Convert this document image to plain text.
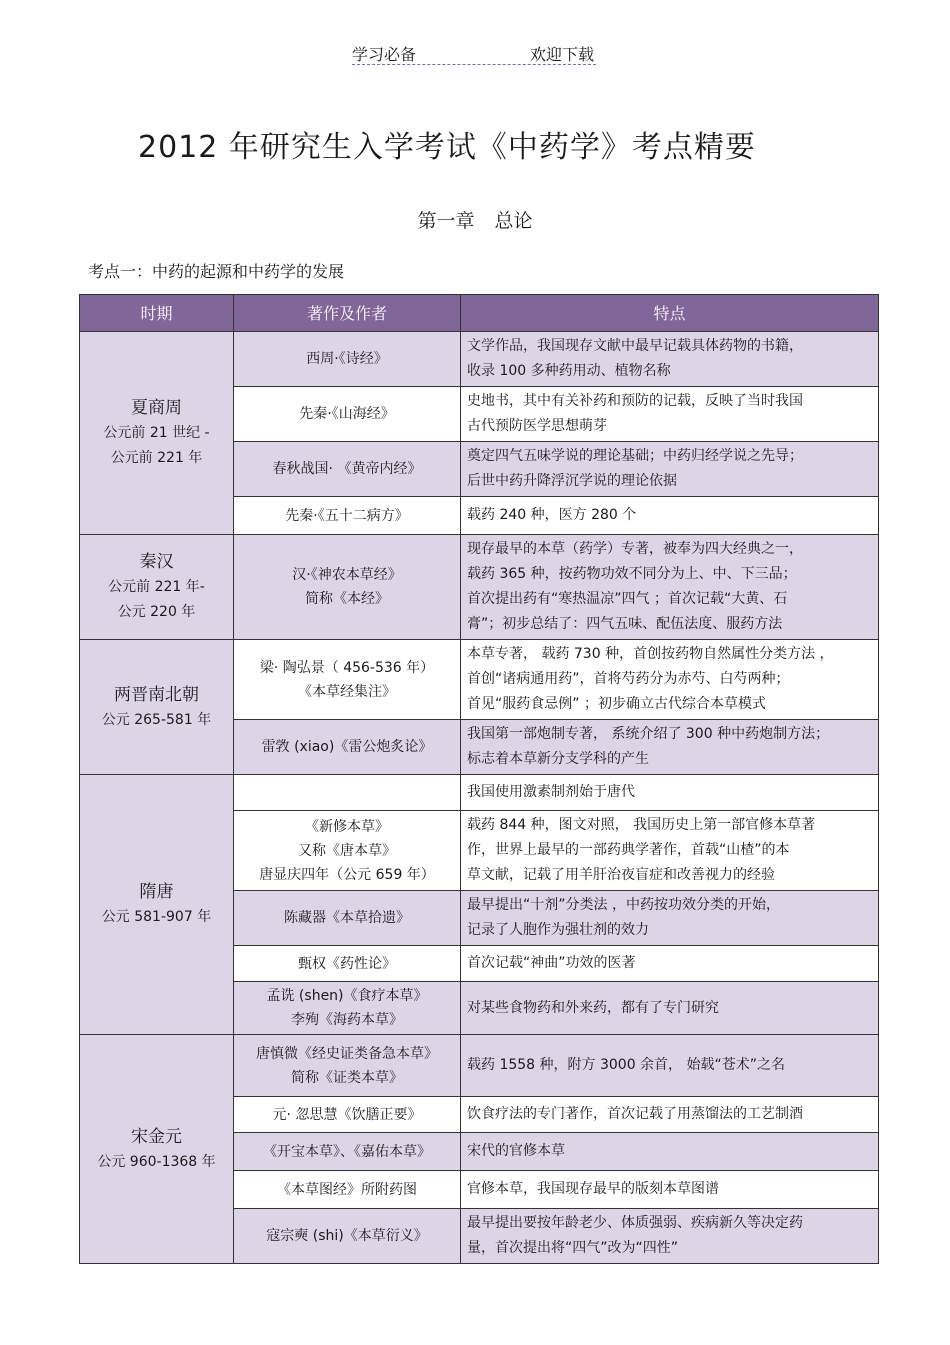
学习必备	欢迎下载
2012 年研究生入学考试《中药学》考点精要
第一章 总论
考点一：中药的起源和中药学的发展
时期	著作及作者	特点

夏商周
公元前 21 世纪 -
公元前 221 年	西周·《诗经》	文学作品，我国现存文献中最早记载具体药物的书籍，
收录 100 多种药用动、植物名称

	先秦·《山海经》	史地书，其中有关补药和预防的记载，反映了当时我国
古代预防医学思想萌芽

	春秋战国· 《黄帝内经》	奠定四气五味学说的理论基础；中药归经学说之先导；
后世中药升降浮沉学说的理论依据

	先秦·《五十二病方》	载药 240 种，医方 280 个

秦汉
公元前 221 年-
公元 220 年	汉·《神农本草经》
简称《本经》	现存最早的本草（药学）专著，被奉为四大经典之一，
载药 365 种，按药物功效不同分为上、中、下三品；
首次提出药有“寒热温凉”四气 ；首次记载“大黄、石
膏”；初步总结了：四气五味、配伍法度、服药方法

两晋南北朝
公元 265-581 年	梁· 陶弘景（ 456-536 年）
《本草经集注》	本草专著， 载药 730 种，首创按药物自然属性分类方法 ，
首创“诸病通用药”，首将芍药分为赤芍、白芍两种；
首见“服药食忌例” ；初步确立古代综合本草模式

	雷敩 (xiao)《雷公炮炙论》	我国第一部炮制专著， 系统介绍了 300 种中药炮制方法；
标志着本草新分支学科的产生

隋唐
公元 581-907 年		我国使用激素制剂始于唐代

	《新修本草》
又称《唐本草》
唐显庆四年（公元 659 年）	载药 844 种，图文对照， 我国历史上第一部官修本草著
作，世界上最早的一部药典学著作，首载“山楂”的本
草文献，记载了用羊肝治夜盲症和改善视力的经验

	陈藏器《本草拾遗》	最早提出“十剂”分类法 ，中药按功效分类的开始，
记录了人胞作为强壮剂的效力

	甄权《药性论》	首次记载“神曲”功效的医著

	孟诜 (shen)《食疗本草》
李殉《海药本草》	对某些食物药和外来药，都有了专门研究

宋金元
公元 960-1368 年	唐慎微《经史证类备急本草》
简称《证类本草》	载药 1558 种，附方 3000 余首， 始载“苍术”之名

	元· 忽思慧《饮膳正要》	饮食疗法的专门著作，首次记载了用蒸馏法的工艺制酒

	《开宝本草》、《嘉佑本草》	宋代的官修本草

	《本草图经》所附药图	官修本草，我国现存最早的版刻本草图谱

	寇宗奭 (shi)《本草衍义》	最早提出要按年龄老少、体质强弱、疾病新久等决定药
量，首次提出将“四气”改为“四性”
